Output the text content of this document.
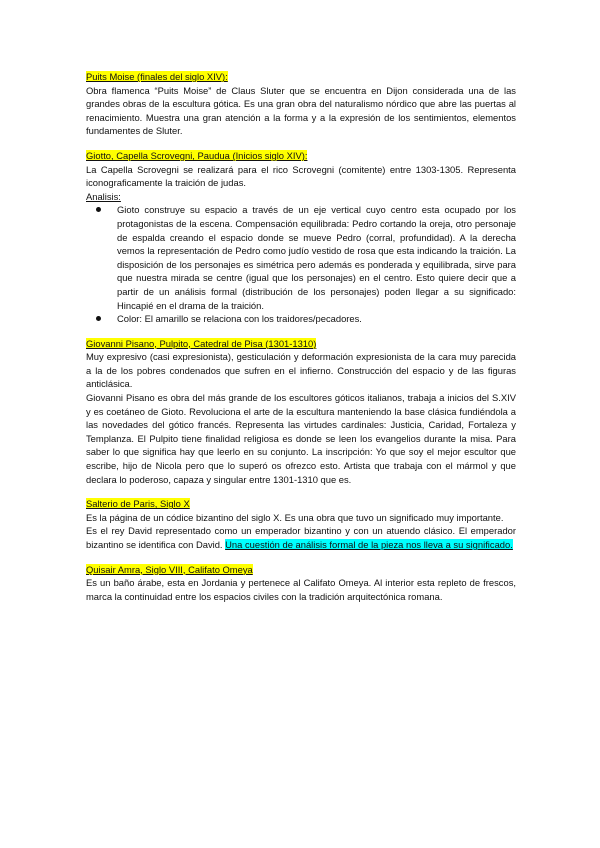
Puits Moise (finales del siglo XIV):

Obra flamenca “Puits Moise” de Claus Sluter que se encuentra en Dijon considerada una de las grandes obras de la escultura gótica. Es una gran obra del naturalismo nórdico que abre las puertas al renacimiento. Muestra una gran atención a la forma y a la expresión de los sentimientos, elementos fundamentes de Sluter.

Giotto, Capella Scrovegni, Paudua (Inicios siglo XIV):

La Capella Scrovegni se realizará para el rico Scrovegni (comitente) entre 1303-1305. Representa iconograficamente la traición de judas.

Analisis:
Gioto construye su espacio a través de un eje vertical cuyo centro esta ocupado por los protagonistas de la escena. Compensación equilibrada: Pedro cortando la oreja, otro personaje de espalda creando el espacio donde se mueve Pedro (corral, profundidad). A la derecha vemos la representación de Pedro como judío vestido de rosa que esta indicando la traición. La disposición de los personajes es simétrica pero además es ponderada y equilibrada, sirve para que nuestra mirada se centre (igual que los personajes) en el centro. Esto quiere decir que a partir de un análisis formal (distribución de los personajes) poden llegar a su significado: Hincapié en el drama de la traición.
Color: El amarillo se relaciona con los traidores/pecadores.
Giovanni Pisano, Pulpito, Catedral de Pisa (1301-1310)

Muy expresivo (casi expresionista), gesticulación y deformación expresionista de la cara muy parecida a la de los pobres condenados que sufren en el infierno. Construcción del espacio y de las figuras anticlásica.

Giovanni Pisano es obra del más grande de los escultores góticos italianos, trabaja a inicios del S.XIV y es coetáneo de Gioto. Revoluciona el arte de la escultura manteniendo la base clásica fundiéndola a las novedades del gótico francés. Representa las virtudes cardinales: Justicia, Caridad, Fortaleza y Templanza. El Pulpito tiene finalidad religiosa es donde se leen los evangelios durante la misa. Para saber lo que significa hay que leerlo en su conjunto. La inscripción: Yo que soy el mejor escultor que escribe, hijo de Nicola pero que lo superó os ofrezco esto. Artista que trabaja con el mármol y que declara lo poderoso, capaza y singular entre 1301-1310 que es.

Salterio de Paris, Siglo X

Es la página de un códice bizantino del siglo X. Es una obra que tuvo un significado muy importante.

Es el rey David representado como un emperador bizantino y con un atuendo clásico. El emperador bizantino se identifica con David. Una cuestión de análisis formal de la pieza nos lleva a su significado.

Quisair Amra, Siglo VIII, Califato Omeya

Es un baño árabe, esta en Jordania y pertenece al Califato Omeya. Al interior esta repleto de frescos, marca la continuidad entre los espacios civiles con la tradición arquitectónica romana.
